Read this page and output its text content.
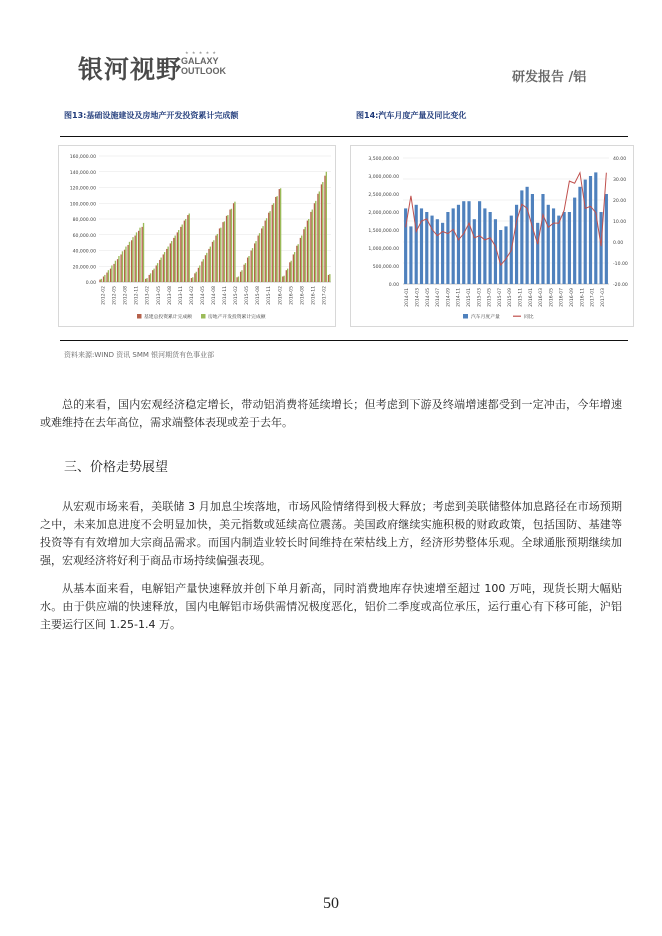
银河视野
★ ★ ★ ★ ★
GALAXY
OUTLOOK	研发报告 /铝
图13:基础设施建设及房地产开发投资累计完成额	图14:汽车月度产量及同比变化
160,000.00
140,000.00
120,000.00
100,000.00
80,000.00
60,000.00
40,000.00
20,000.00
0.00
2012-02 2012-05 2012-08 2012-11 2013-02 2013-05 2013-08 2013-11 2014-02 2014-05 2014-08 2014-11 2015-02 2015-05 2015-08 2015-11 2016-02 2016-05 2016-08 2016-11 2017-02
基建总投资累计完成额	房地产开发投资累计完成额
3,500,000.00
3,000,000.00
2,500,000.00
2,000,000.00
1,500,000.00
1,000,000.00
500,000.00
0.00
40.00
30.00
20.00
10.00
0.00
-10.00
-20.00
2014-01 2014-03 2014-05 2014-07 2014-09 2014-11 2015-01 2015-03 2015-05 2015-07 2015-09 2015-11 2016-01 2016-03 2016-05 2016-07 2016-09 2016-11 2017-01 2017-03
汽车月度产量	同比
资料来源:WIND 资讯 SMM 银河期货有色事业部
总的来看，国内宏观经济稳定增长，带动铝消费将延续增长；但考虑到下游及终端增速都受到一定冲击，今年增速或难维持在去年高位，需求端整体表现或差于去年。
三、价格走势展望
从宏观市场来看，美联储 3 月加息尘埃落地，市场风险情绪得到极大释放；考虑到美联储整体加息路径在市场预期之中，未来加息进度不会明显加快，美元指数或延续高位震荡。美国政府继续实施积极的财政政策，包括国防、基建等投资等有有效增加大宗商品需求。而国内制造业较长时间维持在荣枯线上方，经济形势整体乐观。全球通胀预期继续加强，宏观经济将好利于商品市场持续偏强表现。
从基本面来看，电解铝产量快速释放并创下单月新高，同时消费地库存快速增至超过 100 万吨，现货长期大幅贴水。由于供应端的快速释放，国内电解铝市场供需情况极度恶化，铝价二季度或高位承压，运行重心有下移可能，沪铝主要运行区间 1.25-1.4 万。
50
